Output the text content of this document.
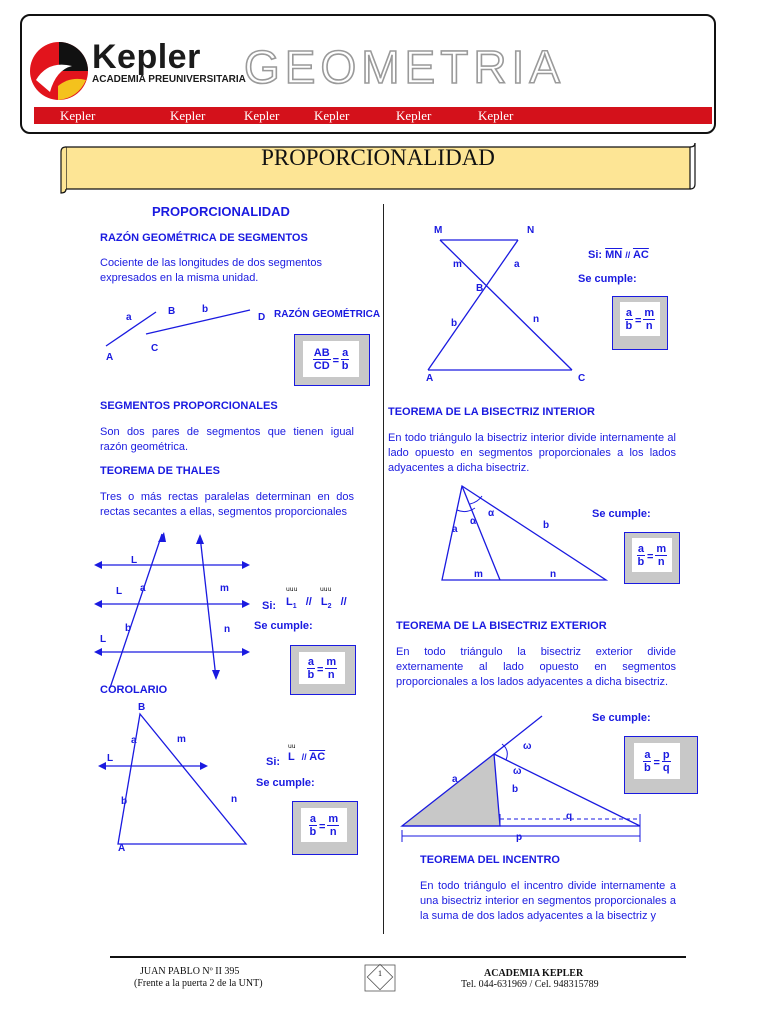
Kepler
ACADEMIA PREUNIVERSITARIA
GEOMETRIA
Kepler	Kepler	Kepler	Kepler	Kepler	Kepler
PROPORCIONALIDAD
PROPORCIONALIDAD
RAZÓN GEOMÉTRICA DE SEGMENTOS
Cociente de las longitudes de dos segmentos expresados en la misma unidad.
a
B	b
D
A
C
RAZÓN GEOMÉTRICA
$\frac{AB}{CD} = \frac{a}{b}$
SEGMENTOS PROPORCIONALES
Son dos pares de segmentos que tienen igual razón geométrica.
TEOREMA DE THALES
Tres o más rectas paralelas determinan en dos rectas secantes a ellas, segmentos proporcionales
L
L
L
a
b
m
n
uuu	uuu
Si: $L_1 // L_2$ //
Se cumple:
$\frac{a}{b} = \frac{m}{n}$
COROLARIO
B
A
a
b
m
n
L
uu
Si: L // $\overline{AC}$
Se cumple:
$\frac{a}{b} = \frac{m}{n}$
M	N
A	C
B
m	a
b	n
Si: $\overline{MN} // \overline{AC}$
Se cumple:
$\frac{a}{b} = \frac{m}{n}$
TEOREMA DE LA BISECTRIZ INTERIOR
En todo triángulo la bisectriz interior divide internamente al lado opuesto en segmentos proporcionales a los lados adyacentes a dicha bisectriz.
α
α
a	b
m	n
Se cumple:
$\frac{a}{b} = \frac{m}{n}$
TEOREMA DE LA BISECTRIZ EXTERIOR
En todo triángulo la bisectriz exterior divide externamente al lado opuesto en segmentos proporcionales a los lados adyacentes a dicha bisectriz.
ω
ω
a
b
q
p
Se cumple:
$\frac{a}{b} = \frac{p}{q}$
TEOREMA DEL INCENTRO
En todo triángulo el incentro divide internamente a una bisectriz interior en segmentos proporcionales a la suma de dos lados adyacentes a la bisectriz y
JUAN PABLO Nº II 395
(Frente a la puerta 2 de la UNT)
1	ACADEMIA KEPLER
Tel. 044-631969 / Cel. 948315789
